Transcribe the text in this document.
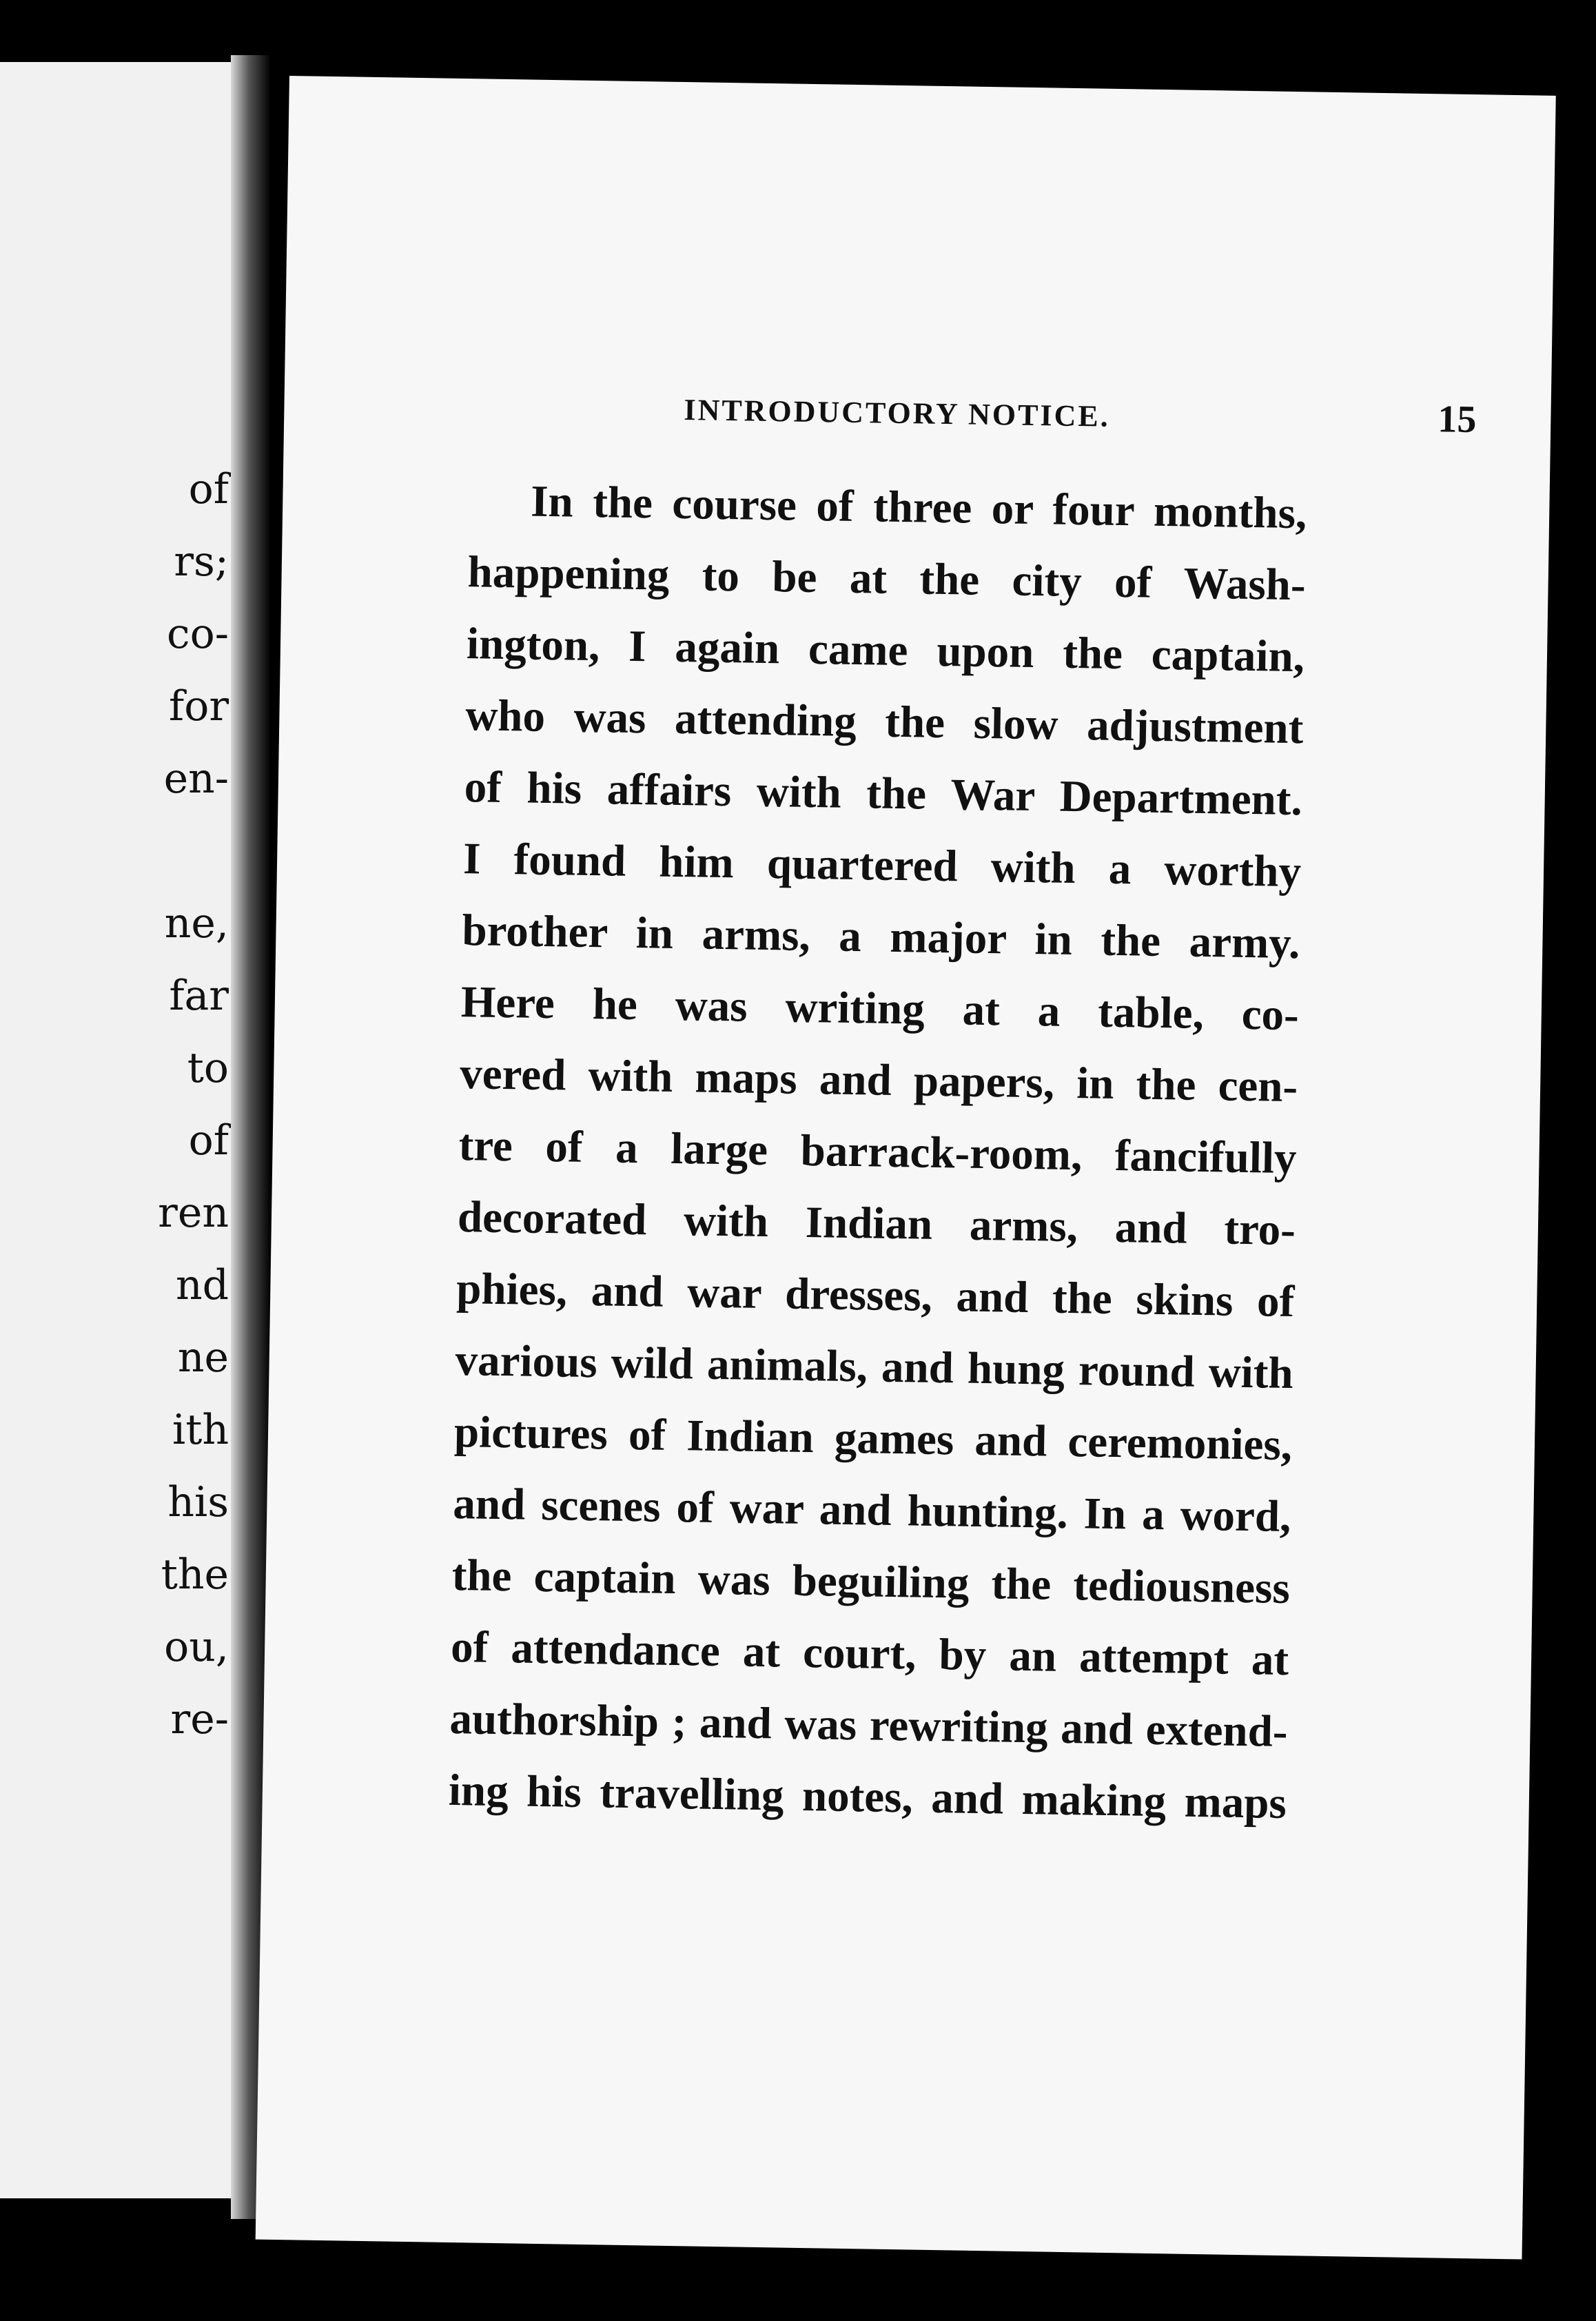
of
rs;
co-
for
en-
ne,
far
to
of
ren
nd
ne
ith
his
the
ou,
re-
INTRODUCTORY NOTICE.	15
In the course of three or four months,
happening to be at the city of Wash-
ington, I again came upon the captain,
who was attending the slow adjustment
of his affairs with the War Department.
I found him quartered with a worthy
brother in arms, a major in the army.
Here he was writing at a table, co-
vered with maps and papers, in the cen-
tre of a large barrack-room, fancifully
decorated with Indian arms, and tro-
phies, and war dresses, and the skins of
various wild animals, and hung round with
pictures of Indian games and ceremonies,
and scenes of war and hunting. In a word,
the captain was beguiling the tediousness
of attendance at court, by an attempt at
authorship ; and was rewriting and extend-
ing his travelling notes, and making maps
